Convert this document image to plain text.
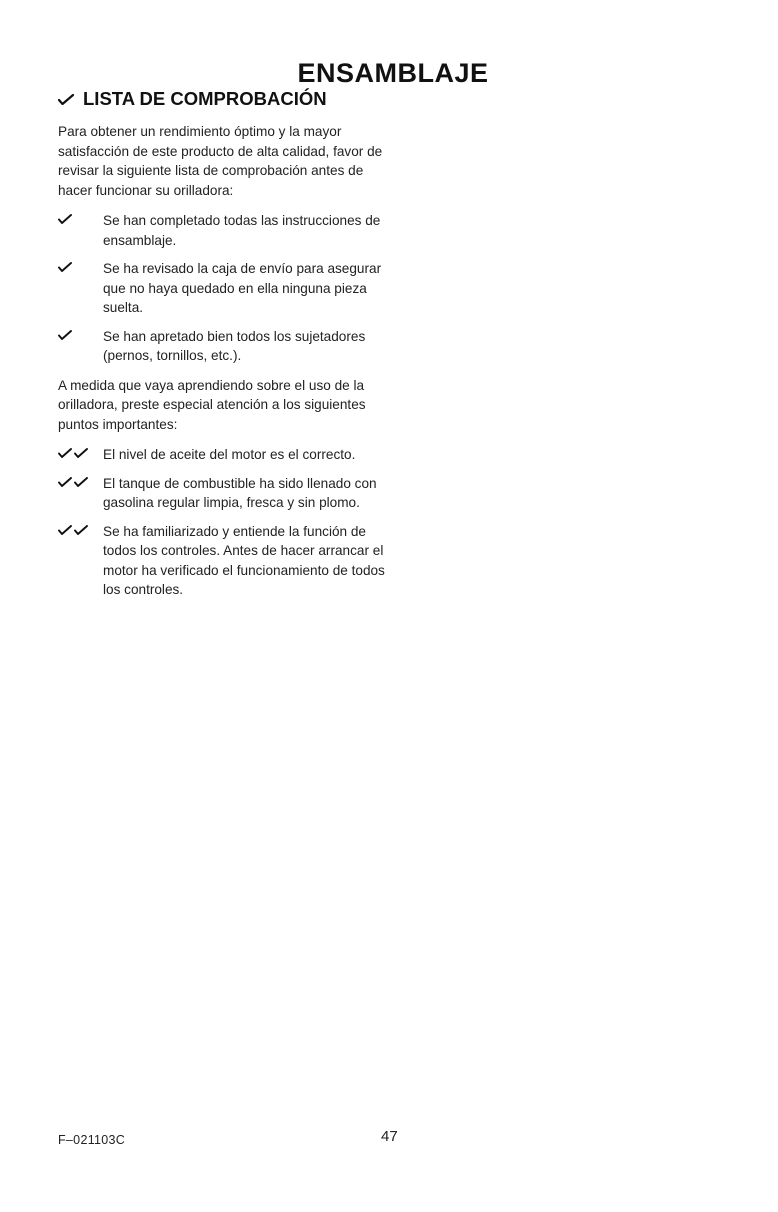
ENSAMBLAJE
LISTA DE COMPROBACIÓN

Para obtener un rendimiento óptimo y la mayor satisfacción de este producto de alta calidad, favor de revisar la siguiente lista de comprobación antes de hacer funcionar su orilladora:

Se han completado todas las instrucciones de ensamblaje.
Se ha revisado la caja de envío para asegurar que no haya quedado en ella ninguna pieza suelta.
Se han apretado bien todos los sujetadores (pernos, tornillos, etc.).

A medida que vaya aprendiendo sobre el uso de la orilladora, preste especial atención a los siguientes puntos importantes:

El nivel de aceite del motor es el correcto.
El tanque de combustible ha sido llenado con gasolina regular limpia, fresca y sin plomo.
Se ha familiarizado y entiende la función de todos los controles. Antes de hacer arrancar el motor ha verificado el funcionamiento de todos los controles.
F–021103C	47
